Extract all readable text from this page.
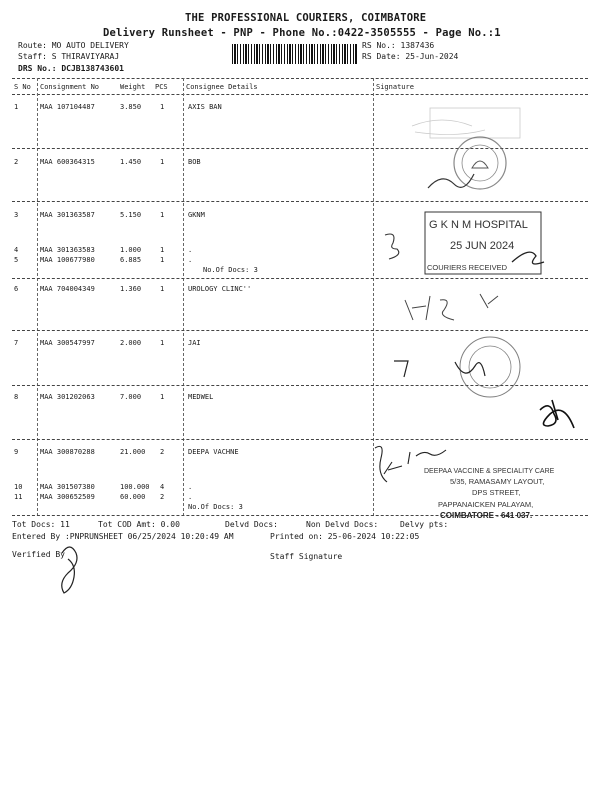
THE PROFESSIONAL COURIERS, COIMBATORE
Delivery Runsheet - PNP - Phone No.:0422-3505555 - Page No.:1
Route: MO AUTO DELIVERY
Staff: S THIRAVIYARAJ
DRS No.: DCJB138743601
RS No.: 1387436
RS Date: 25-Jun-2024
S No Consignment No	Weight PCS	Consignee Details	Signature
1	MAA 107104487	3.850	1	AXIS BAN
2	MAA 600364315	1.450	1	BOB
3	MAA 301363587	5.150	1	GKNM
4	MAA 301363583	1.000	1	.
5	MAA 100677980	6.885	1	.
No.Of Docs: 3
6	MAA 704004349	1.360	1	UROLOGY CLINC''
7	MAA 300547997	2.000	1	JAI
8	MAA 301202063	7.000	1	MEDWEL
9	MAA 300870288	21.000 2	DEEPA VACHNE
10	MAA 301507380	100.000 4	.
11	MAA 300652509	60.000 2	.
No.Of Docs: 3
Tot Docs: 11	Tot COD Amt: 0.00	Delvd Docs:	Non Delvd Docs:	Delvy pts:
Entered By :PNPRUNSHEET 06/25/2024 10:20:49 AM	Printed on: 25-06-2024 10:22:05
Verified By	Staff Signature
G K N M HOSPITAL
25 JUN 2024
COURIERS RECEIVED
DEEPAA VACCINE & SPECIALITY CARE
5/35, RAMASAMY LAYOUT,
DPS STREET,
PAPPANAICKEN PALAYAM,
COIMBATORE - 641 037.
